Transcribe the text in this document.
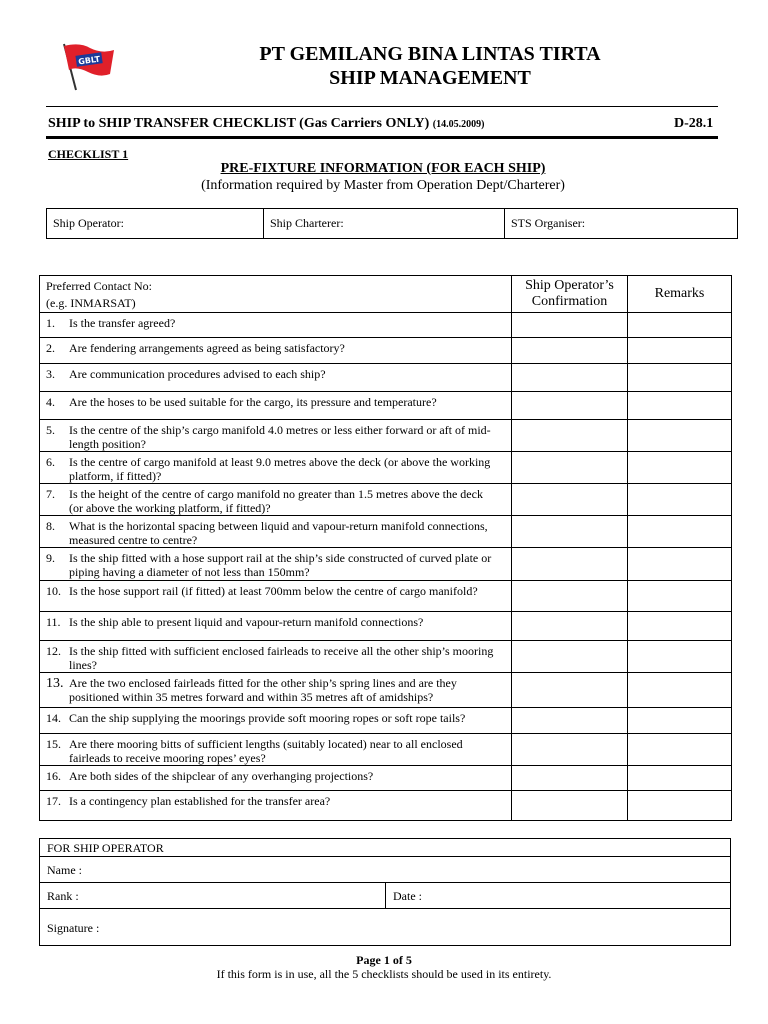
GBLT	PT GEMILANG BINA LINTAS TIRTA
SHIP MANAGEMENT
SHIP to SHIP TRANSFER CHECKLIST (Gas Carriers ONLY) (14.05.2009)	D-28.1
CHECKLIST 1
PRE-FIXTURE INFORMATION (FOR EACH SHIP)
(Information required by Master from Operation Dept/Charterer)
Ship Operator:	Ship Charterer:	STS Organiser:
Preferred Contact No:
(e.g. INMARSAT)	Ship Operator’s Confirmation	Remarks
1. Is the transfer agreed?		
2. Are fendering arrangements agreed as being satisfactory?		
3. Are communication procedures advised to each ship?		
4. Are the hoses to be used suitable for the cargo, its pressure and temperature?		
5. Is the centre of the ship’s cargo manifold 4.0 metres or less either forward or aft of mid-length position?		
6. Is the centre of cargo manifold at least 9.0 metres above the deck (or above the working platform, if fitted)?		
7. Is the height of the centre of cargo manifold no greater than 1.5 metres above the deck (or above the working platform, if fitted)?		
8. What is the horizontal spacing between liquid and vapour-return manifold connections, measured centre to centre?		
9. Is the ship fitted with a hose support rail at the ship’s side constructed of curved plate or piping having a diameter of not less than 150mm?		
10. Is the hose support rail (if fitted) at least 700mm below the centre of cargo manifold?		
11. Is the ship able to present liquid and vapour-return manifold connections?		
12. Is the ship fitted with sufficient enclosed fairleads to receive all the other ship’s mooring lines?		
13. Are the two enclosed fairleads fitted for the other ship’s spring lines and are they positioned within 35 metres forward and within 35 metres aft of amidships?		
14. Can the ship supplying the moorings provide soft mooring ropes or soft rope tails?		
15. Are there mooring bitts of sufficient lengths (suitably located) near to all enclosed fairleads to receive mooring ropes’ eyes?		
16. Are both sides of the shipclear of any overhanging projections?		
17. Is a contingency plan established for the transfer area?		
FOR SHIP OPERATOR
Name :
Rank :	Date :
Signature :
Page 1 of 5
If this form is in use, all the 5 checklists should be used in its entirety.
